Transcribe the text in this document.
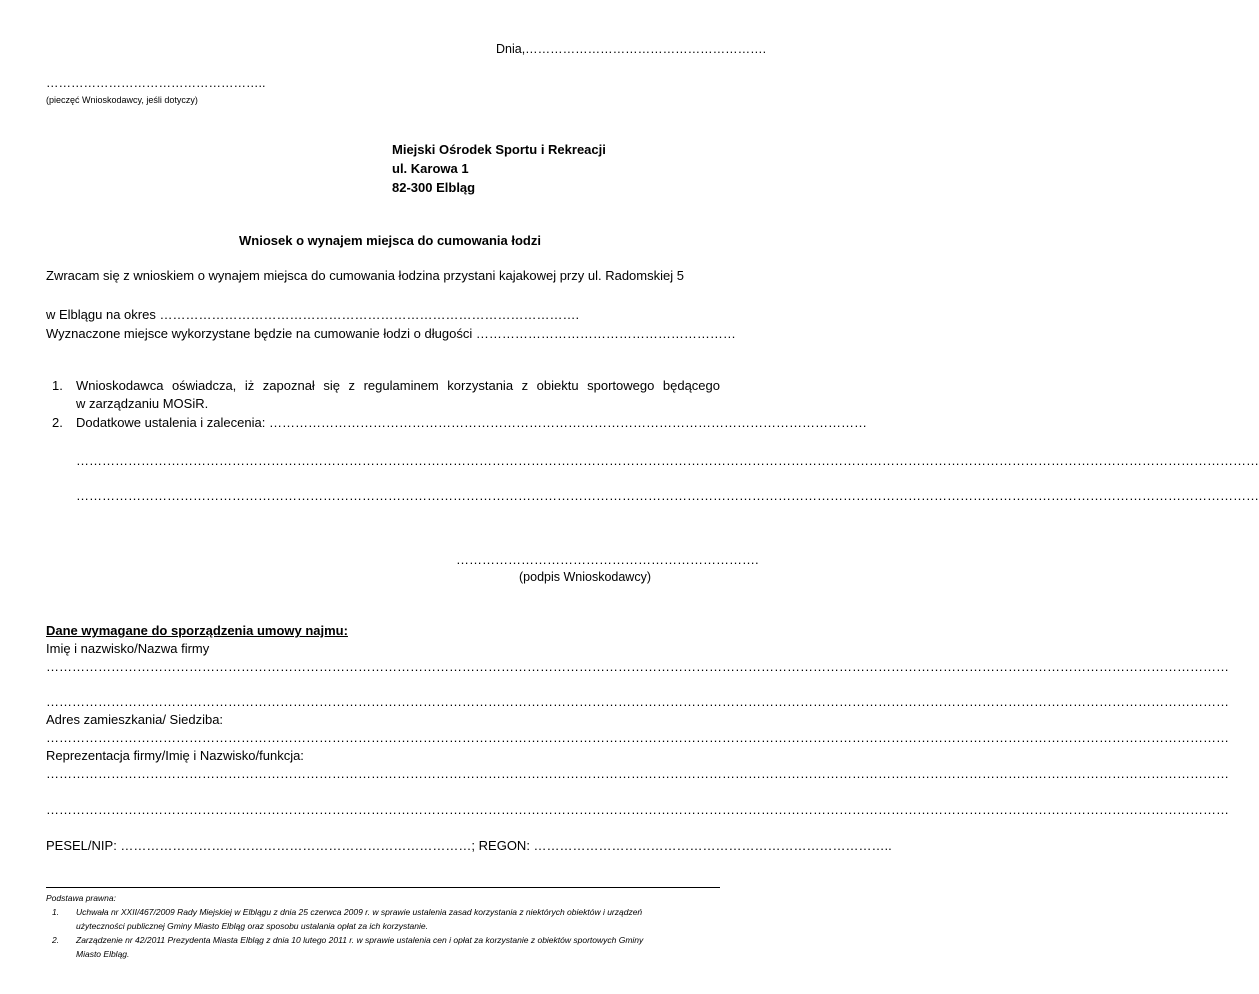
Dnia,………………………………………………….
……………………………………………..
(pieczęć Wnioskodawcy, jeśli dotyczy)
Miejski Ośrodek Sportu i Rekreacji
ul. Karowa 1
82-300 Elbląg
Wniosek o wynajem miejsca do cumowania łodzi
Zwracam się z wnioskiem o wynajem miejsca do cumowania łodzina przystani kajakowej przy ul. Radomskiej 5
w Elblągu na okres …………………………………………………………………………………….
Wyznaczone miejsce wykorzystane będzie na cumowanie łodzi o długości ……………………………………………………
1. Wnioskodawca oświadcza, iż zapoznał się z regulaminem korzystania z obiektu sportowego będącego
w zarządzaniu MOSiR.
2. Dodatkowe ustalenia i zalecenia: …………………………………………………………………………………………………………………………
…………………………………………………………………………………………………………………………………………………………………………………………………………………………………………………
…………………………………………………………………………………………………………………………………………………………………………………………………………………………………………………
…………………………………………………………….
(podpis Wnioskodawcy)
Dane wymagane do sporządzenia umowy najmu:
Imię i nazwisko/Nazwa firmy
…………………………………………………………………………………………………………………………………………………………………………………………………………………………………………………
…………………………………………………………………………………………………………………………………………………………………………………………………………………………………………………
Adres zamieszkania/ Siedziba:
…………………………………………………………………………………………………………………………………………………………………………………………………………………………………………………
Reprezentacja firmy/Imię i Nazwisko/funkcja:
…………………………………………………………………………………………………………………………………………………………………………………………………………………………………………………
…………………………………………………………………………………………………………………………………………………………………………………………………………………………………………………
PESEL/NIP: ………………………………………………………………………; REGON: ………………………………………………………………………..
Podstawa prawna:
1. Uchwała nr XXII/467/2009 Rady Miejskiej w Elblągu z dnia 25 czerwca 2009 r. w sprawie ustalenia zasad korzystania z niektórych obiektów i urządzeń
użyteczności publicznej Gminy Miasto Elbląg oraz sposobu ustalania opłat za ich korzystanie.
2. Zarządzenie nr 42/2011 Prezydenta Miasta Elbląg z dnia 10 lutego 2011 r. w sprawie ustalenia cen i opłat za korzystanie z obiektów sportowych Gminy
Miasto Elbląg.
